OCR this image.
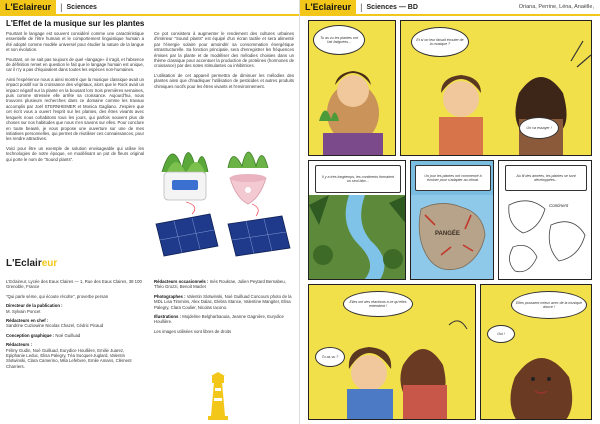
L'Eclaireur	| Sciences
L'Effet de la musique sur les plantes

Pourtant le langage est souvent considéré comme une caractéristique essentielle de l'être humain et le comportement linguistique humain a été adopté comme modèle universel pour étudier la nature de la langue et son évolution.

Pourtant, on ne sait pas toujours de quel «langage» il s'agit, et l'absence de définition remet en question le fait que le langage humain est unique, car il n'y a pas d'équivalent dans toutes les espèces non-humaines.

Ainsi l'expérience nous a ainsi montré que la musique classique avait un impact positif sur la croissance des végétaux, alors que le Rock avait un impact négatif sur la plante en la bousant lors trois premières semaines, puis comme stressée elle arrête sa croissance. Aujourd'hui, nous trouvons plusieurs recherches dans ce domaine comme les travaux accomplis par Joël STERNHEIMER et Monica Gagliano. J'espère que cet écrit vous a ouvert l'esprit sur les plantes, des êtres vivants avec lesquels nous cohabitons tous les jours, qui parfois souvent plus de choses sur nos habitudes que nous n'en savons sur elles. Pour conclure en toute beauté, je vous propose une ouverture sur une de mes initiatives personnelles, qui permet de réutiliser ces connaissances, pour les rendre attractives.

Voici pour être un exemple de solution envisageable qui utilise les technologies de notre époque, en modélisant un pot de fleurs original qui porte le nom de "Sound plants".

Ce pot consistera à augmenter le rendement des cultures urbaines d'intérieur "Sound plants" est équipé d'un écran tactile et sera alimenté par l'énergie solaire pour amoindrir sa consommation énergétique intrastructurelle. Sa fonction principale, sera d'enregistrer les fréquences émises par la plante et de modéliser des mélodies choisies dans un thème classique pour accentuer la production de protéines (hormones de croissance) par des notes stimulantes ou inhibitrices.

L'utilisation de cet appareil permettra de diminuer les mélodies des plantes ainsi que d'inadéquer l'utilisation de pesticides et autres produits chimiques nocifs pour les êtres vivants et l'environnement.

L'Eclaireur

L'Eclaireur, Lycée des Eaux Claires — 1, Rue des Eaux Claires, 38 100 Grenoble, France

"Qui parle sème, qui écoute récolte", proverbe persan

Directeur de la publication :
M. Sylvain Poncet

Rédacteurs en chef :
Sandrine Cuziowine Nicolas Chazel, Cédric Picaud

Conception graphique : Noé Guilluad

Rédacteurs :
Félmy Gudin, Noé Guilluad, Eurydice Houllière, Emilie Juarez, Epiphanie Leduc, Elisa Palegry, Téa Socquet-Juglard, Valentin Slotwinski, Clara Camerino, Mila Lefebvre, Emile Amans, Clément Charriers.

Rédacteurs occasionnels : Inès Roukrae, Julien Peytard Bernabeu, Théo Grozzi, Benoit Maclet

Photographes : Valentin Slotwinski, Noé Guilluad Concours photo de la MDL Lisa Timmins, Alex Dalac, Elebra Stance, Valentine Mangiter, Elisa Palegry, Clara Coulier, Nicolas Iacono.

Illustrations : Mojdeline Belgharbaouia, Jeanne Gagnière, Eurydice Houllière.

Les images utilisées sont libres de droits

L'Eclaireur	| Sciences — BD	Oriana, Perrine, Léna, Anaëlle,
Tu as vu les plantes ont l'air fatiguées...
Et si on leur faisait écouter de la musique ?
On va essayer !
Il y a très longtemps, les continents formaient un seul bloc...
Un jour les plantes ont commencé à évoluer pour s'adapter au climat.
PANGÉE
Au fil des années, les plantes se sont développées...
Continent
Elles ont des réactions à ce qu'elles entendent !
Tu as vu ?
Elles poussent mieux avec de la musique douce !
Oui !
